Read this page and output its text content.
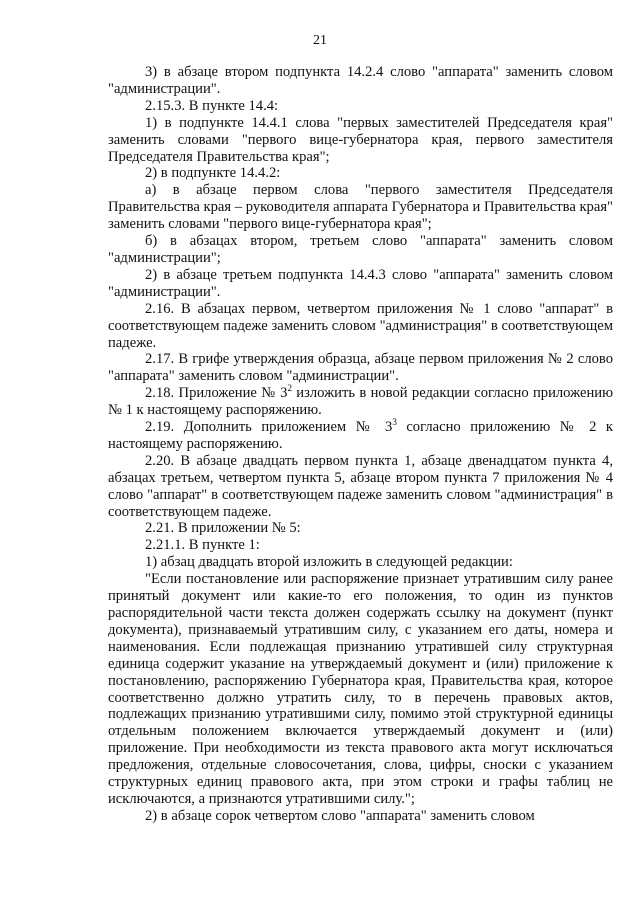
21

3) в абзаце втором подпункта 14.2.4 слово "аппарата" заменить словом "администрации".

2.15.3. В пункте 14.4:

1) в подпункте 14.4.1 слова "первых заместителей Председателя края" заменить словами "первого вице-губернатора края, первого заместителя Председателя Правительства края";

2) в подпункте 14.4.2:

а) в абзаце первом слова "первого заместителя Председателя Правительства края – руководителя аппарата Губернатора и Правительства края" заменить словами "первого вице-губернатора края";

б) в абзацах втором, третьем слово "аппарата" заменить словом "администрации";

2) в абзаце третьем подпункта 14.4.3 слово "аппарата" заменить словом "администрации".

2.16. В абзацах первом, четвертом приложения № 1 слово "аппарат" в соответствующем падеже заменить словом "администрация" в соответствующем падеже.

2.17. В грифе утверждения образца, абзаце первом приложения № 2 слово "аппарата" заменить словом "администрации".

2.18. Приложение № $3^2$ изложить в новой редакции согласно приложению № 1 к настоящему распоряжению.

2.19. Дополнить приложением № $3^3$ согласно приложению № 2 к настоящему распоряжению.

2.20. В абзаце двадцать первом пункта 1, абзаце двенадцатом пункта 4, абзацах третьем, четвертом пункта 5, абзаце втором пункта 7 приложения № 4 слово "аппарат" в соответствующем падеже заменить словом "администрация" в соответствующем падеже.

2.21. В приложении № 5:

2.21.1. В пункте 1:

1) абзац двадцать второй изложить в следующей редакции:

"Если постановление или распоряжение признает утратившим силу ранее принятый документ или какие-то его положения, то один из пунктов распорядительной части текста должен содержать ссылку на документ (пункт документа), признаваемый утратившим силу, с указанием его даты, номера и наименования. Если подлежащая признанию утратившей силу структурная единица содержит указание на утверждаемый документ и (или) приложение к постановлению, распоряжению Губернатора края, Правительства края, которое соответственно должно утратить силу, то в перечень правовых актов, подлежащих признанию утратившими силу, помимо этой структурной единицы отдельным положением включается утверждаемый документ и (или) приложение. При необходимости из текста правового акта могут исключаться предложения, отдельные словосочетания, слова, цифры, сноски с указанием структурных единиц правового акта, при этом строки и графы таблиц не исключаются, а признаются утратившими силу.";

2) в абзаце сорок четвертом слово "аппарата" заменить словом
